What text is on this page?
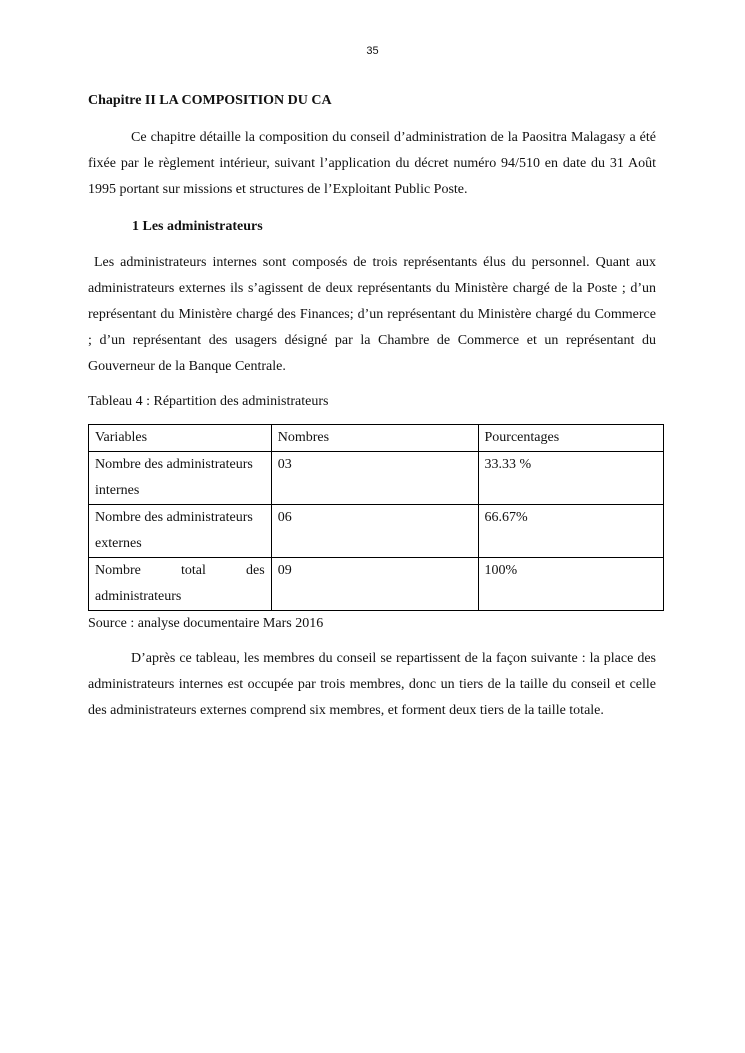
35
Chapitre II LA COMPOSITION DU CA

Ce chapitre détaille la composition du conseil d’administration de la Paositra Malagasy a été fixée par le règlement intérieur, suivant l’application du décret numéro 94/510 en date du 31 Août 1995 portant sur missions et structures de l’Exploitant Public Poste.

1 Les administrateurs

Les administrateurs internes sont composés de trois représentants élus du personnel. Quant aux administrateurs externes ils s’agissent de deux représentants du Ministère chargé de la Poste ; d’un représentant du Ministère chargé des Finances; d’un représentant du Ministère chargé du Commerce ; d’un représentant des usagers désigné par la Chambre de Commerce et un représentant du Gouverneur de la Banque Centrale.

Tableau 4 : Répartition des administrateurs
Variables	Nombres	Pourcentages

Nombre des administrateurs
internes	03	33.33 %

Nombre des administrateurs
externes	06	66.67%

Nombre total des
administrateurs	09	100%
Source : analyse documentaire Mars 2016

D’après ce tableau, les membres du conseil se repartissent de la façon suivante : la place des administrateurs internes est occupée par trois membres, donc un tiers de la taille du conseil et celle des administrateurs externes comprend six membres, et forment deux tiers de la taille totale.
